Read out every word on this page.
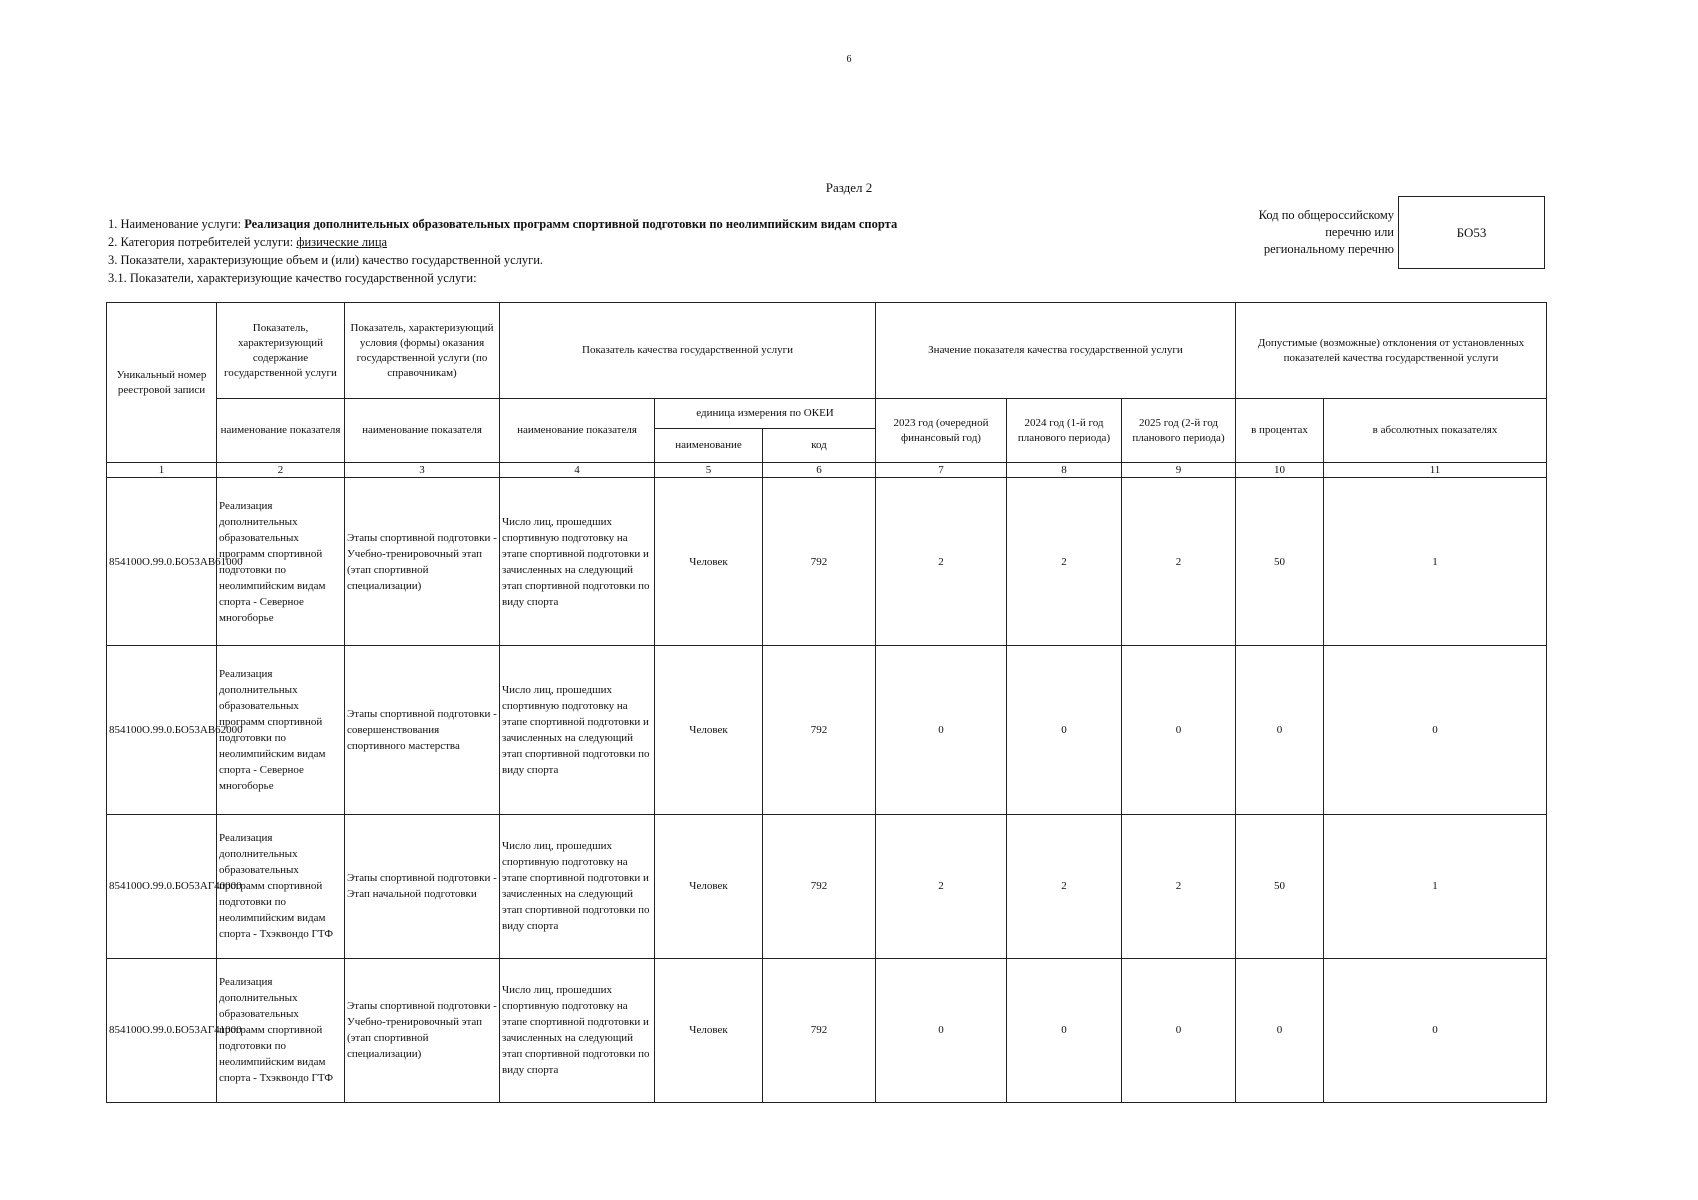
6
Раздел 2
1. Наименование услуги: Реализация дополнительных образовательных программ спортивной подготовки по неолимпийским видам спорта
2. Категория потребителей услуги: физические лица
3. Показатели, характеризующие объем и (или) качество государственной услуги.
3.1. Показатели, характеризующие качество государственной услуги:
Код по общероссийскому
перечню или
региональному перечню
БО53
Уникальный номер реестровой записи	Показатель, характеризующий содержание государственной услуги	Показатель, характеризующий условия (формы) оказания государственной услуги (по справочникам)	Показатель качества государственной услуги			Значение показателя качества государственной услуги			Допустимые (возможные) отклонения от установленных показателей качества государственной услуги	
	наименование показателя	наименование показателя	наименование показателя	единица измерения по ОКЕИ		2023 год (очередной финансовый год)	2024 год (1-й год планового периода)	2025 год (2-й год планового периода)	в процентах	в абсолютных показателях
				наименование	код					
1	2	3	4	5	6	7	8	9	10	11
854100О.99.0.БО53АВ61000	Реализация дополнительных образовательных программ спортивной подготовки по неолимпийским видам спорта - Северное многоборье	Этапы спортивной подготовки - Учебно-тренировочный этап (этап спортивной специализации)	Число лиц, прошедших спортивную подготовку на этапе спортивной подготовки и зачисленных на следующий этап спортивной подготовки по виду спорта	Человек	792	2	2	2	50	1
854100О.99.0.БО53АВ62000	Реализация дополнительных образовательных программ спортивной подготовки по неолимпийским видам спорта - Северное многоборье	Этапы спортивной подготовки - совершенствования спортивного мастерства	Число лиц, прошедших спортивную подготовку на этапе спортивной подготовки и зачисленных на следующий этап спортивной подготовки по виду спорта	Человек	792	0	0	0	0	0
854100О.99.0.БО53АГ40000	Реализация дополнительных образовательных программ спортивной подготовки по неолимпийским видам спорта - Тхэквондо ГТФ	Этапы спортивной подготовки - Этап начальной подготовки	Число лиц, прошедших спортивную подготовку на этапе спортивной подготовки и зачисленных на следующий этап спортивной подготовки по виду спорта	Человек	792	2	2	2	50	1
854100О.99.0.БО53АГ41000	Реализация дополнительных образовательных программ спортивной подготовки по неолимпийским видам спорта - Тхэквондо ГТФ	Этапы спортивной подготовки - Учебно-тренировочный этап (этап спортивной специализации)	Число лиц, прошедших спортивную подготовку на этапе спортивной подготовки и зачисленных на следующий этап спортивной подготовки по виду спорта	Человек	792	0	0	0	0	0
